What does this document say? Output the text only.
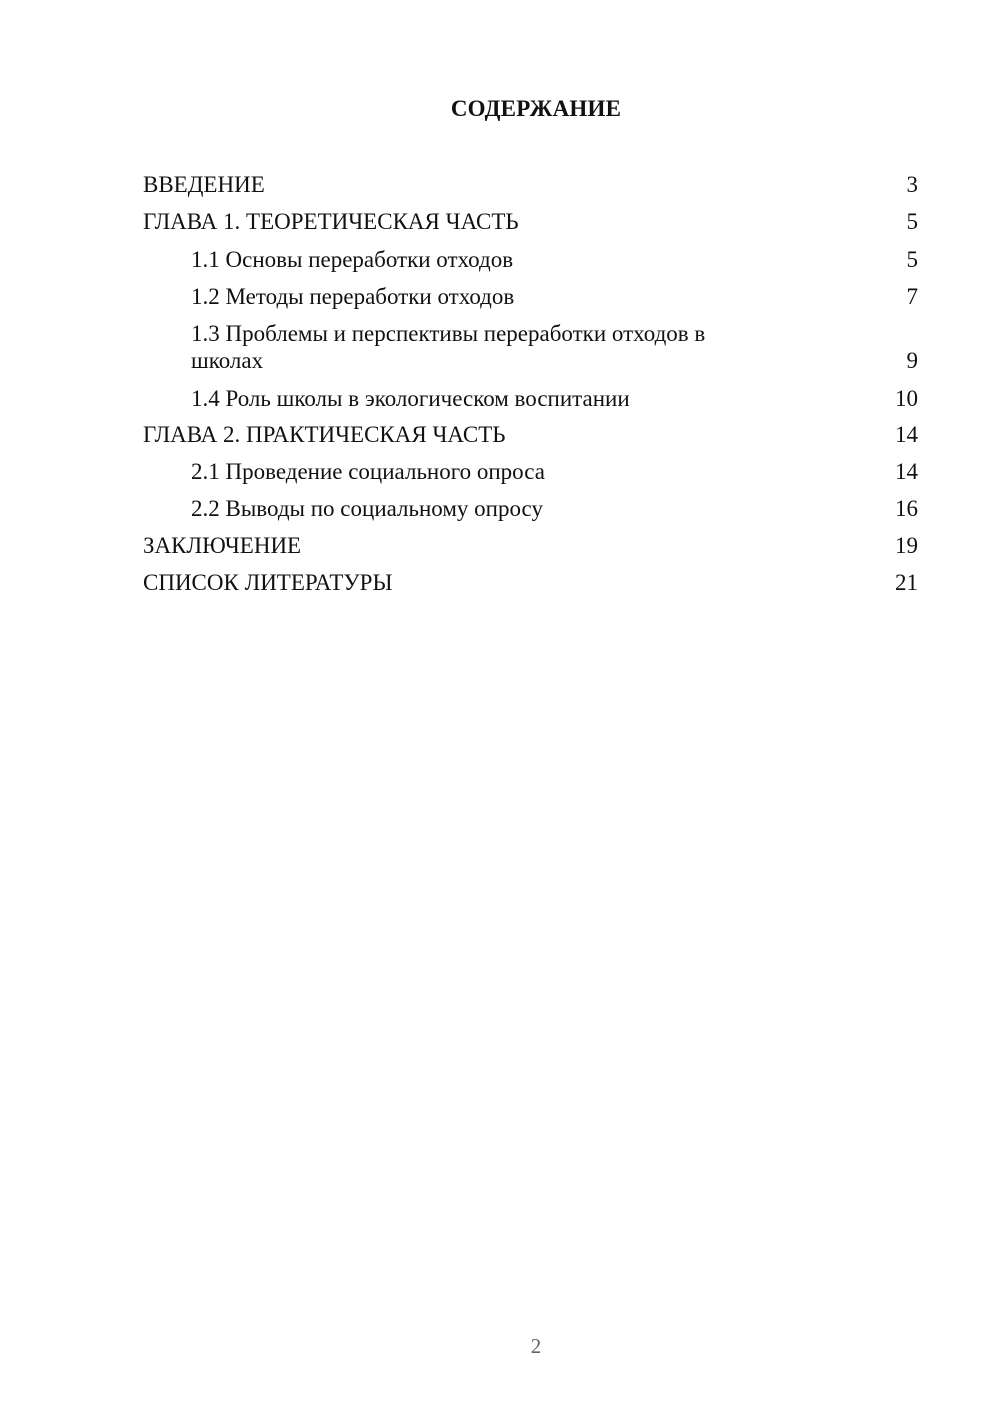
СОДЕРЖАНИЕ
ВВЕДЕНИЕ	3
ГЛАВА 1. ТЕОРЕТИЧЕСКАЯ ЧАСТЬ	5
1.1 Основы переработки отходов	5
1.2 Методы переработки отходов	7
1.3 Проблемы и перспективы переработки отходов в школах	9
1.4 Роль школы в экологическом воспитании	10
ГЛАВА 2. ПРАКТИЧЕСКАЯ ЧАСТЬ	14
2.1 Проведение социального опроса	14
2.2 Выводы по социальному опросу	16
ЗАКЛЮЧЕНИЕ	19
СПИСОК ЛИТЕРАТУРЫ	21
2
